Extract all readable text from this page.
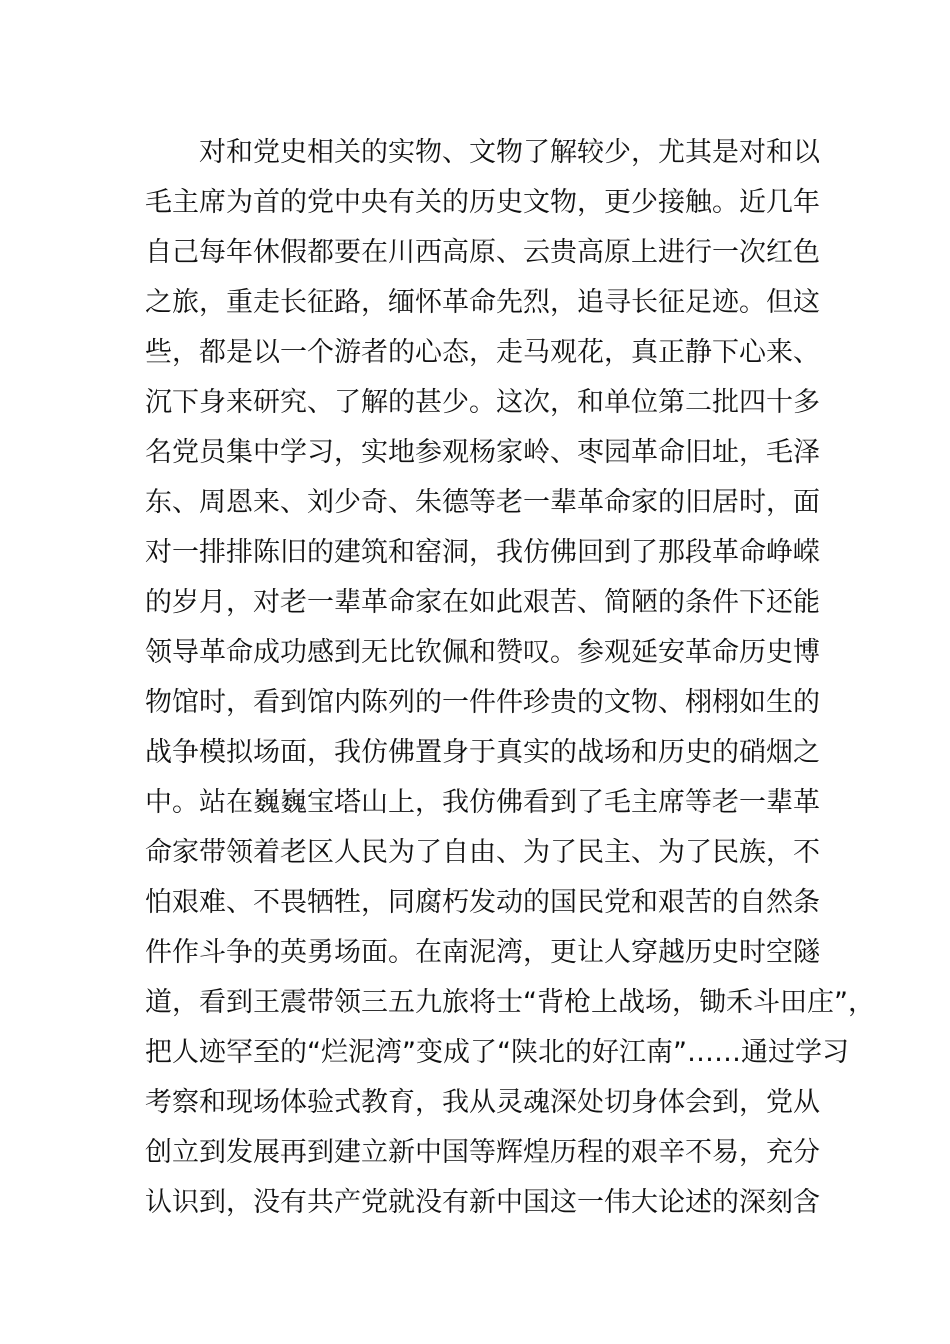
对和党史相关的实物、文物了解较少，尤其是对和以
毛主席为首的党中央有关的历史文物，更少接触。近几年
自己每年休假都要在川西高原、云贵高原上进行一次红色
之旅，重走长征路，缅怀革命先烈，追寻长征足迹。但这
些，都是以一个游者的心态，走马观花，真正静下心来、
沉下身来研究、了解的甚少。这次，和单位第二批四十多
名党员集中学习，实地参观杨家岭、枣园革命旧址，毛泽
东、周恩来、刘少奇、朱德等老一辈革命家的旧居时，面
对一排排陈旧的建筑和窑洞，我仿佛回到了那段革命峥嵘
的岁月，对老一辈革命家在如此艰苦、简陋的条件下还能
领导革命成功感到无比钦佩和赞叹。参观延安革命历史博
物馆时，看到馆内陈列的一件件珍贵的文物、栩栩如生的
战争模拟场面，我仿佛置身于真实的战场和历史的硝烟之
中。站在巍巍宝塔山上，我仿佛看到了毛主席等老一辈革
命家带领着老区人民为了自由、为了民主、为了民族，不
怕艰难、不畏牺牲，同腐朽发动的国民党和艰苦的自然条
件作斗争的英勇场面。在南泥湾，更让人穿越历史时空隧
道，看到王震带领三五九旅将士“背枪上战场，锄禾斗田庄”，
把人迹罕至的“烂泥湾”变成了“陕北的好江南”……通过学习
考察和现场体验式教育，我从灵魂深处切身体会到，党从
创立到发展再到建立新中国等辉煌历程的艰辛不易，充分
认识到，没有共产党就没有新中国这一伟大论述的深刻含
